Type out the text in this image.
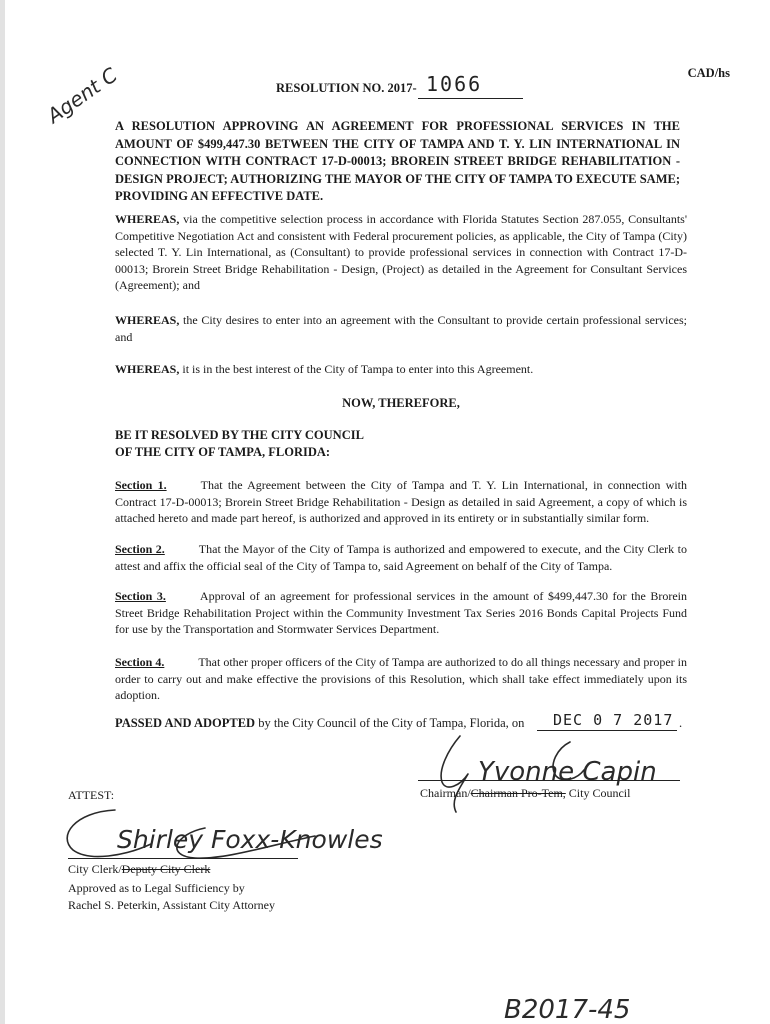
Agent C	CAD/hs
RESOLUTION NO. 2017- 1066
A RESOLUTION APPROVING AN AGREEMENT FOR PROFESSIONAL SERVICES IN THE AMOUNT OF $499,447.30 BETWEEN THE CITY OF TAMPA AND T. Y. LIN INTERNATIONAL IN CONNECTION WITH CONTRACT 17-D-00013; BROREIN STREET BRIDGE REHABILITATION - DESIGN PROJECT; AUTHORIZING THE MAYOR OF THE CITY OF TAMPA TO EXECUTE SAME; PROVIDING AN EFFECTIVE DATE.
WHEREAS, via the competitive selection process in accordance with Florida Statutes Section 287.055, Consultants' Competitive Negotiation Act and consistent with Federal procurement policies, as applicable, the City of Tampa (City) selected T. Y. Lin International, as (Consultant) to provide professional services in connection with Contract 17-D-00013; Brorein Street Bridge Rehabilitation - Design, (Project) as detailed in the Agreement for Consultant Services (Agreement); and
WHEREAS, the City desires to enter into an agreement with the Consultant to provide certain professional services; and
WHEREAS, it is in the best interest of the City of Tampa to enter into this Agreement.
NOW, THEREFORE,
BE IT RESOLVED BY THE CITY COUNCIL
OF THE CITY OF TAMPA, FLORIDA:
Section 1.	That the Agreement between the City of Tampa and T. Y. Lin International, in connection with Contract 17-D-00013; Brorein Street Bridge Rehabilitation - Design as detailed in said Agreement, a copy of which is attached hereto and made part hereof, is authorized and approved in its entirety or in substantially similar form.
Section 2.	That the Mayor of the City of Tampa is authorized and empowered to execute, and the City Clerk to attest and affix the official seal of the City of Tampa to, said Agreement on behalf of the City of Tampa.
Section 3.	Approval of an agreement for professional services in the amount of $499,447.30 for the Brorein Street Bridge Rehabilitation Project within the Community Investment Tax Series 2016 Bonds Capital Projects Fund for use by the Transportation and Stormwater Services Department.
Section 4.	That other proper officers of the City of Tampa are authorized to do all things necessary and proper in order to carry out and make effective the provisions of this Resolution, which shall take effect immediately upon its adoption.
PASSED AND ADOPTED by the City Council of the City of Tampa, Florida, on DEC 0 7 2017 .
Yvonne Capin
Chairman/Chairman Pro-Tem, City Council
ATTEST:
Shirley Foxx-Knowles
City Clerk/Deputy City Clerk
Approved as to Legal Sufficiency by
Rachel S. Peterkin, Assistant City Attorney
B2017-45
